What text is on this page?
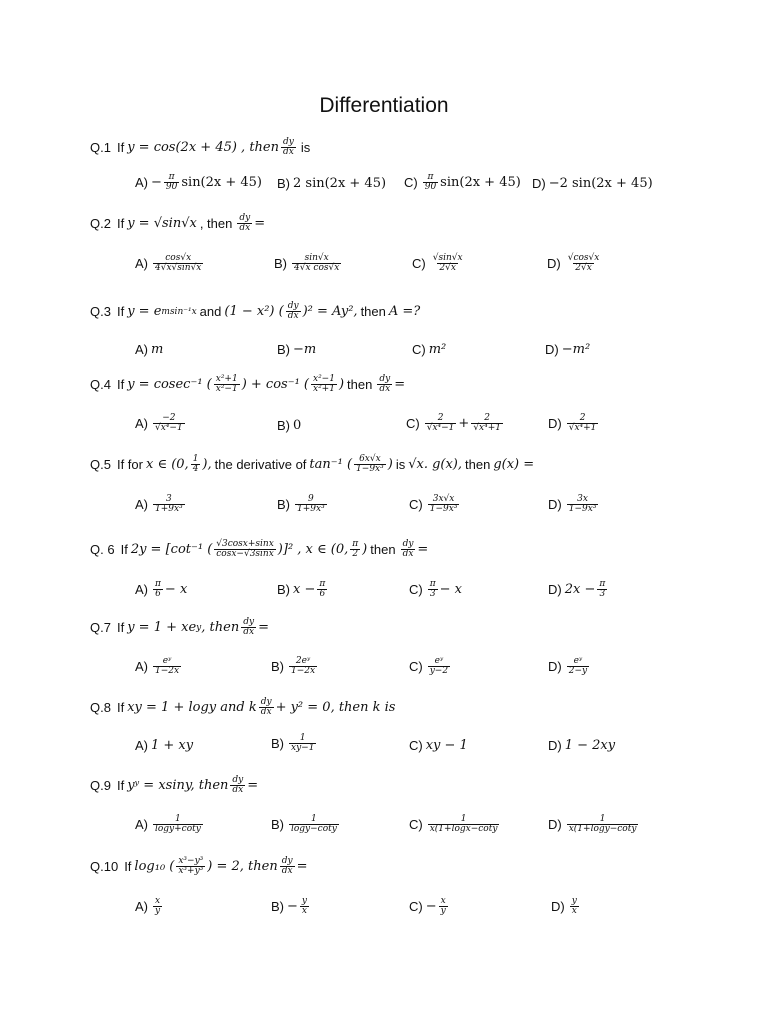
Differentiation
Q.1 If y = cos(2x + 45) , then $\frac{dy}{dx}$ is
$A) - \frac{\pi}{90} \sin(2x + 45)$ B) 2 sin(2x + 45) $C) \frac{\pi}{90} \sin(2x + 45)$ D) −2 sin(2x + 45)
Q.2 If y = √sin√x , then $\frac{dy}{dx}$ =
$A) \frac{\cos√x}{4√x√\sin√x}$	$B) \frac{\sin√x}{\text{4√x cos√x}}$	$C) \frac{√\sin√x}{2√x}$	$D) \frac{√\cos√x}{2√x}$
Q.3 If y = e msin⁻¹x and (1 − x²) ( $\frac{dy}{dx} )^2 = Ay^2$, then A =?
A) m	B) −m	C) m²	D) −m²
Q.4 If y = cosec⁻¹ ( $\frac{\text{x²+1}}{\text{x²−1}}$ ) + cos⁻¹ ( $\frac{\text{x²−1}}{\text{x²+1}}$ ) then $\frac{dy}{dx}$ =
$A) \frac{-2}{\text{√x⁴−1}}$	B) 0	$C) \frac{2}{\text{√x⁴−1}} + \frac{2}{\text{√x⁴+1}}$	$D) \frac{2}{\text{√x⁴+1}}$
Q.5 If for x ∈ (0, $\frac{1}{4}$ ), the derivative of tan⁻¹ ( $\frac{6x√x}{\text{1−9x³}}$ ) is √x. g(x), then g(x) =
$A) \frac{3}{\text{1+9x³}}$	$B) \frac{9}{\text{1+9x³}}$	$C) \frac{3x√x}{\text{1−9x³}}$	$D) \frac{3x}{\text{1−9x³}}$
Q. 6 If 2y = [cot⁻¹ ( $\frac{√3\cos x+\sin x}{\cos x-√3\sin x} )]^2$ , x ∈ (0, $\frac{\pi}{2}$ ) then $\frac{dy}{dx}$ =
$A) \frac{\pi}{6} - x$	B) $x - \frac{\pi}{6}$	$C) \frac{\pi}{3} - x$	D) $2x - \frac{\pi}{3}$
Q.7 If y = 1 + xe y , then $\frac{dy}{dx}$ =
$A) \frac{\text{eʸ}}{1-2x}$	$B) \frac{\text{2eʸ}}{1-2x}$	$C) \frac{\text{eʸ}}{y-2}$	$D) \frac{\text{eʸ}}{2-y}$
Q.8 If xy = 1 + logy and k $\frac{dy}{dx} + y^2 = 0$, then k is
A) 1 + xy	$B) \frac{1}{xy-1}$	C) xy − 1	D) 1 − 2xy
Q.9 If yʸ = xsiny, then $\frac{dy}{dx}$ =
$A) \frac{1}{\log y+\cot y}$	$B) \frac{1}{\log y-\cot y}$	$C) \frac{1}{x(1+\log x-\cot y}$	$D) \frac{1}{x(1+\log y-\cot y}$
Q.10 If log₁₀ ( $\frac{\text{x³−y³}}{\text{x³+y³}}$ ) = 2, then $\frac{dy}{dx}$ =
$A) \frac{x}{y}$	$B) - \frac{y}{x}$	$C) - \frac{x}{y}$	$D) \frac{y}{x}$
